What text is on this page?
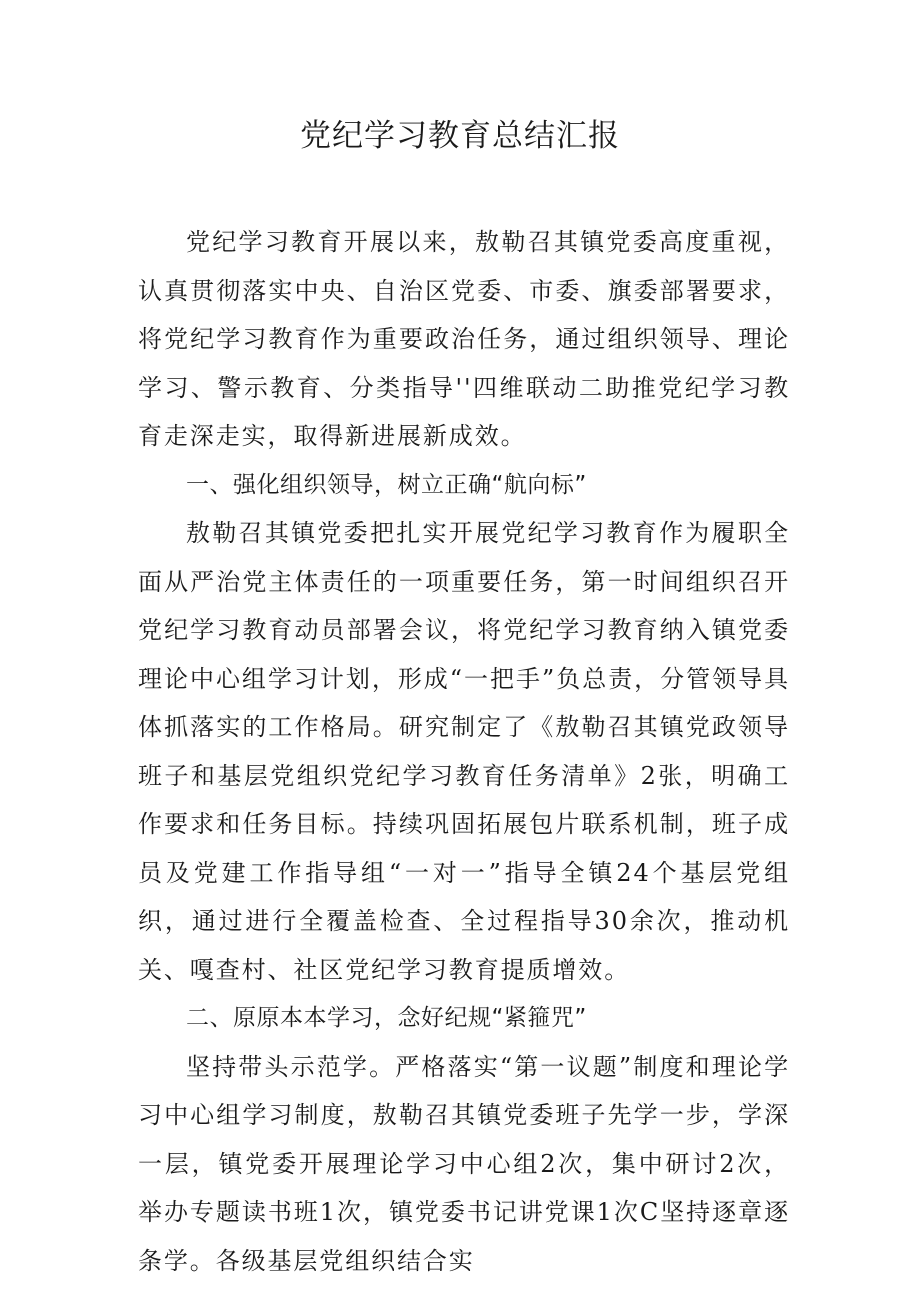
党纪学习教育总结汇报

党纪学习教育开展以来，敖勒召其镇党委高度重视，认真贯彻落实中央、自治区党委、市委、旗委部署要求，将党纪学习教育作为重要政治任务，通过组织领导、理论学习、警示教育、分类指导''四维联动二助推党纪学习教育走深走实，取得新进展新成效。

一、强化组织领导，树立正确“航向标”

敖勒召其镇党委把扎实开展党纪学习教育作为履职全面从严治党主体责任的一项重要任务，第一时间组织召开党纪学习教育动员部署会议，将党纪学习教育纳入镇党委理论中心组学习计划，形成“一把手”负总责，分管领导具体抓落实的工作格局。研究制定了《敖勒召其镇党政领导班子和基层党组织党纪学习教育任务清单》2张，明确工作要求和任务目标。持续巩固拓展包片联系机制，班子成员及党建工作指导组“一对一”指导全镇24个基层党组织，通过进行全覆盖检查、全过程指导30余次，推动机关、嘎查村、社区党纪学习教育提质增效。

二、原原本本学习，念好纪规“紧箍咒”

坚持带头示范学。严格落实“第一议题”制度和理论学习中心组学习制度，敖勒召其镇党委班子先学一步，学深一层，镇党委开展理论学习中心组2次，集中研讨2次，举办专题读书班1次，镇党委书记讲党课1次C坚持逐章逐条学。各级基层党组织结合实
